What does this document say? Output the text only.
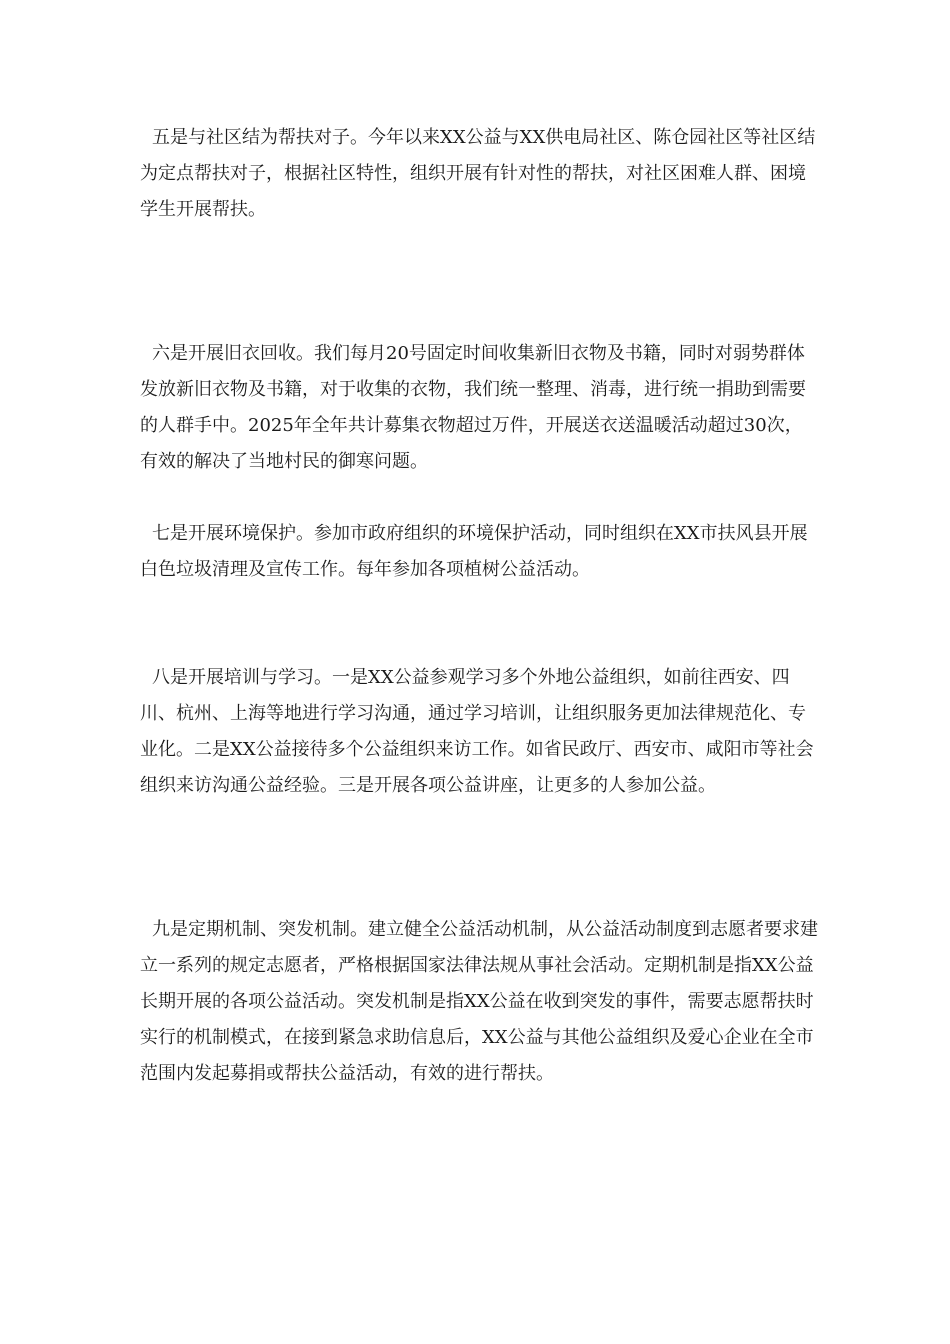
五是与社区结为帮扶对子。今年以来XX公益与XX供电局社区、陈仓园社区等社区结为定点帮扶对子，根据社区特性，组织开展有针对性的帮扶，对社区困难人群、困境学生开展帮扶。

六是开展旧衣回收。我们每月20号固定时间收集新旧衣物及书籍，同时对弱势群体发放新旧衣物及书籍，对于收集的衣物，我们统一整理、消毒，进行统一捐助到需要的人群手中。2025年全年共计募集衣物超过万件，开展送衣送温暖活动超过30次，有效的解决了当地村民的御寒问题。

七是开展环境保护。参加市政府组织的环境保护活动，同时组织在XX市扶风县开展白色垃圾清理及宣传工作。每年参加各项植树公益活动。

八是开展培训与学习。一是XX公益参观学习多个外地公益组织，如前往西安、四川、杭州、上海等地进行学习沟通，通过学习培训，让组织服务更加法律规范化、专业化。二是XX公益接待多个公益组织来访工作。如省民政厅、西安市、咸阳市等社会组织来访沟通公益经验。三是开展各项公益讲座，让更多的人参加公益。

九是定期机制、突发机制。建立健全公益活动机制，从公益活动制度到志愿者要求建立一系列的规定志愿者，严格根据国家法律法规从事社会活动。定期机制是指XX公益长期开展的各项公益活动。突发机制是指XX公益在收到突发的事件，需要志愿帮扶时实行的机制模式，在接到紧急求助信息后，XX公益与其他公益组织及爱心企业在全市范围内发起募捐或帮扶公益活动，有效的进行帮扶。
